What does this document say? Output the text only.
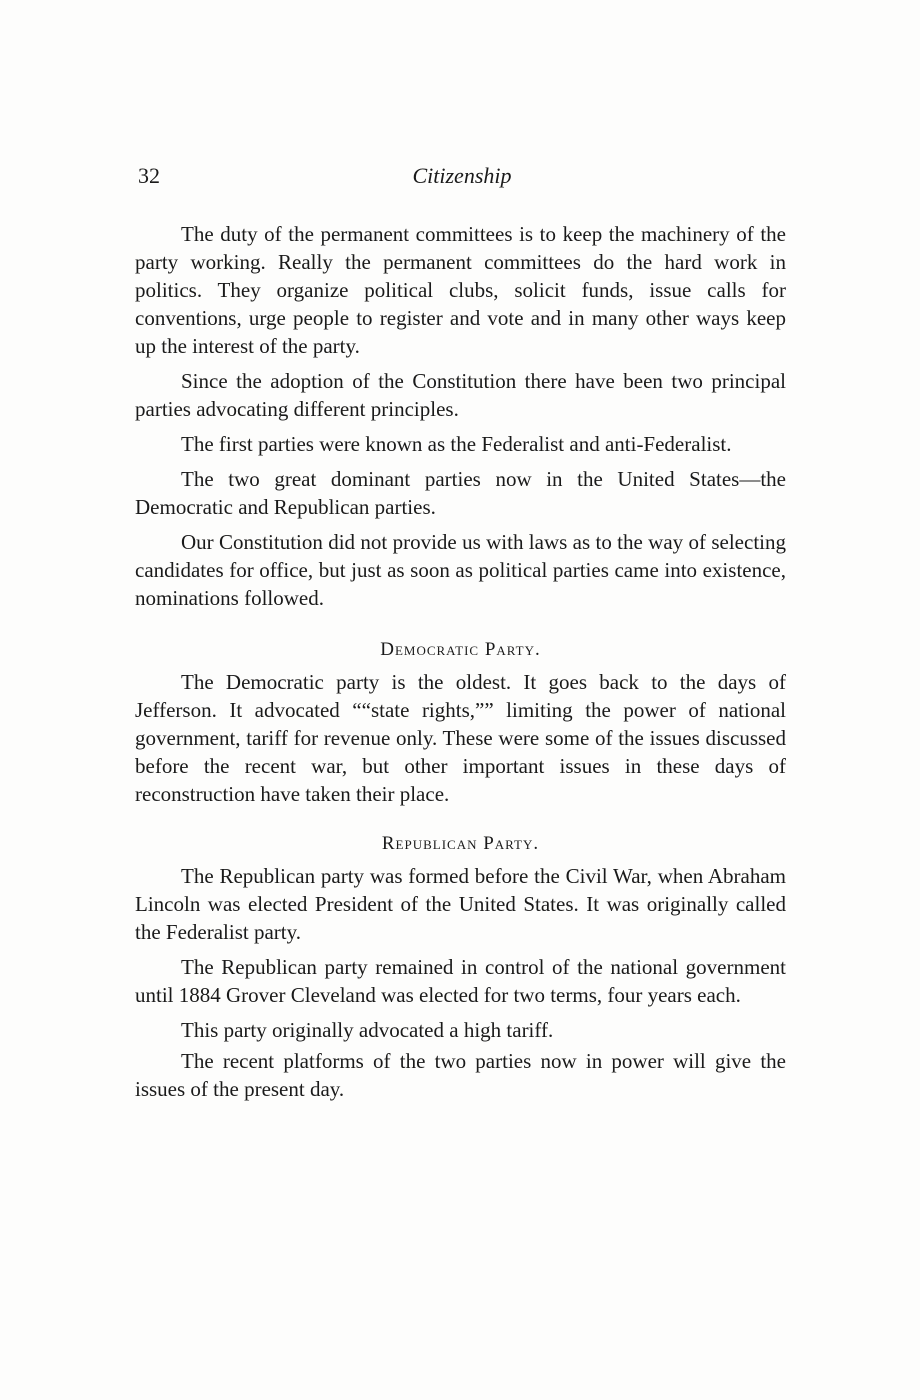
32	Citizenship

The duty of the permanent committees is to keep the machinery of the party working. Really the permanent committees do the hard work in politics. They organize political clubs, solicit funds, issue calls for conventions, urge people to register and vote and in many other ways keep up the interest of the party.

Since the adoption of the Constitution there have been two principal parties advocating different principles.

The first parties were known as the Federalist and anti-Federalist.

The two great dominant parties now in the United States—the Democratic and Republican parties.

Our Constitution did not provide us with laws as to the way of selecting candidates for office, but just as soon as political parties came into existence, nominations followed.

Democratic Party.

The Democratic party is the oldest. It goes back to the days of Jefferson. It advocated ““state rights,”” limiting the power of national government, tariff for revenue only. These were some of the issues discussed before the recent war, but other important issues in these days of reconstruction have taken their place.

Republican Party.

The Republican party was formed before the Civil War, when Abraham Lincoln was elected President of the United States. It was originally called the Federalist party.

The Republican party remained in control of the national government until 1884 Grover Cleveland was elected for two terms, four years each.

This party originally advocated a high tariff.

The recent platforms of the two parties now in power will give the issues of the present day.
